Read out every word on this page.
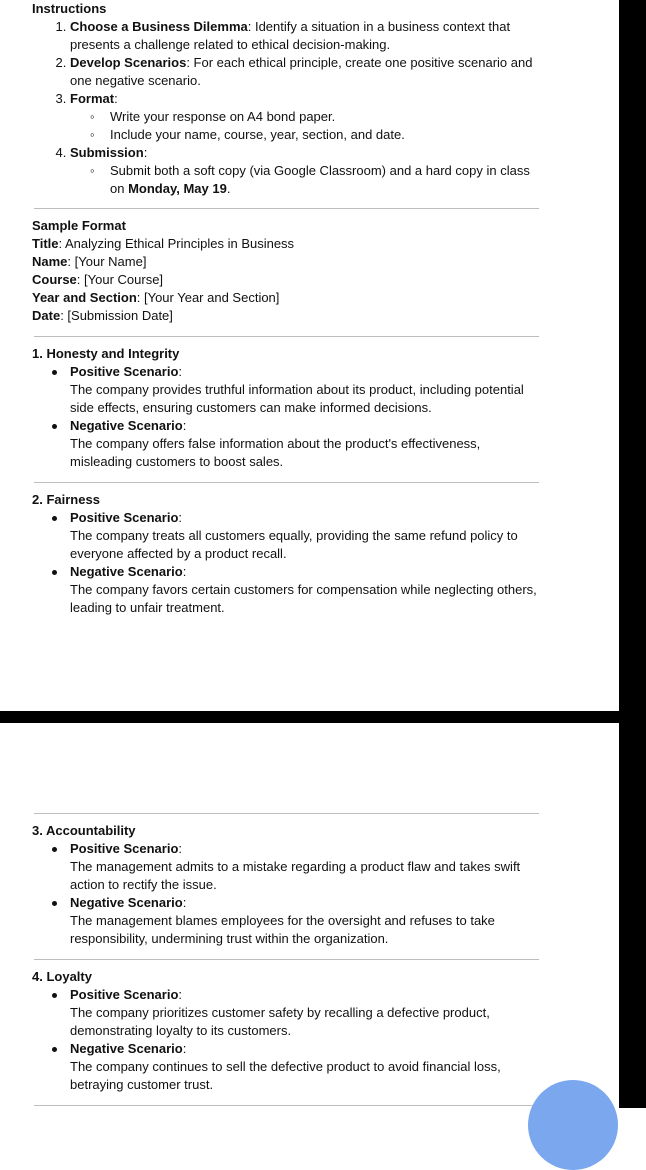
Instructions

1. Choose a Business Dilemma: Identify a situation in a business context that presents a challenge related to ethical decision-making.
2. Develop Scenarios: For each ethical principle, create one positive scenario and one negative scenario.
3. Format:
◦ Write your response on A4 bond paper.
◦ Include your name, course, year, section, and date.
4. Submission:
◦ Submit both a soft copy (via Google Classroom) and a hard copy in class on Monday, May 19.

Sample Format

Title: Analyzing Ethical Principles in Business

Name: [Your Name]

Course: [Your Course]

Year and Section: [Your Year and Section]

Date: [Submission Date]

1. Honesty and Integrity

Positive Scenario:

The company provides truthful information about its product, including potential side effects, ensuring customers can make informed decisions.

Negative Scenario:

The company offers false information about the product's effectiveness, misleading customers to boost sales.

2. Fairness

Positive Scenario:

The company treats all customers equally, providing the same refund policy to everyone affected by a product recall.

Negative Scenario:

The company favors certain customers for compensation while neglecting others, leading to unfair treatment.

3. Accountability

Positive Scenario:

The management admits to a mistake regarding a product flaw and takes swift action to rectify the issue.

Negative Scenario:

The management blames employees for the oversight and refuses to take responsibility, undermining trust within the organization.

4. Loyalty

Positive Scenario:

The company prioritizes customer safety by recalling a defective product, demonstrating loyalty to its customers.

Negative Scenario:

The company continues to sell the defective product to avoid financial loss, betraying customer trust.
